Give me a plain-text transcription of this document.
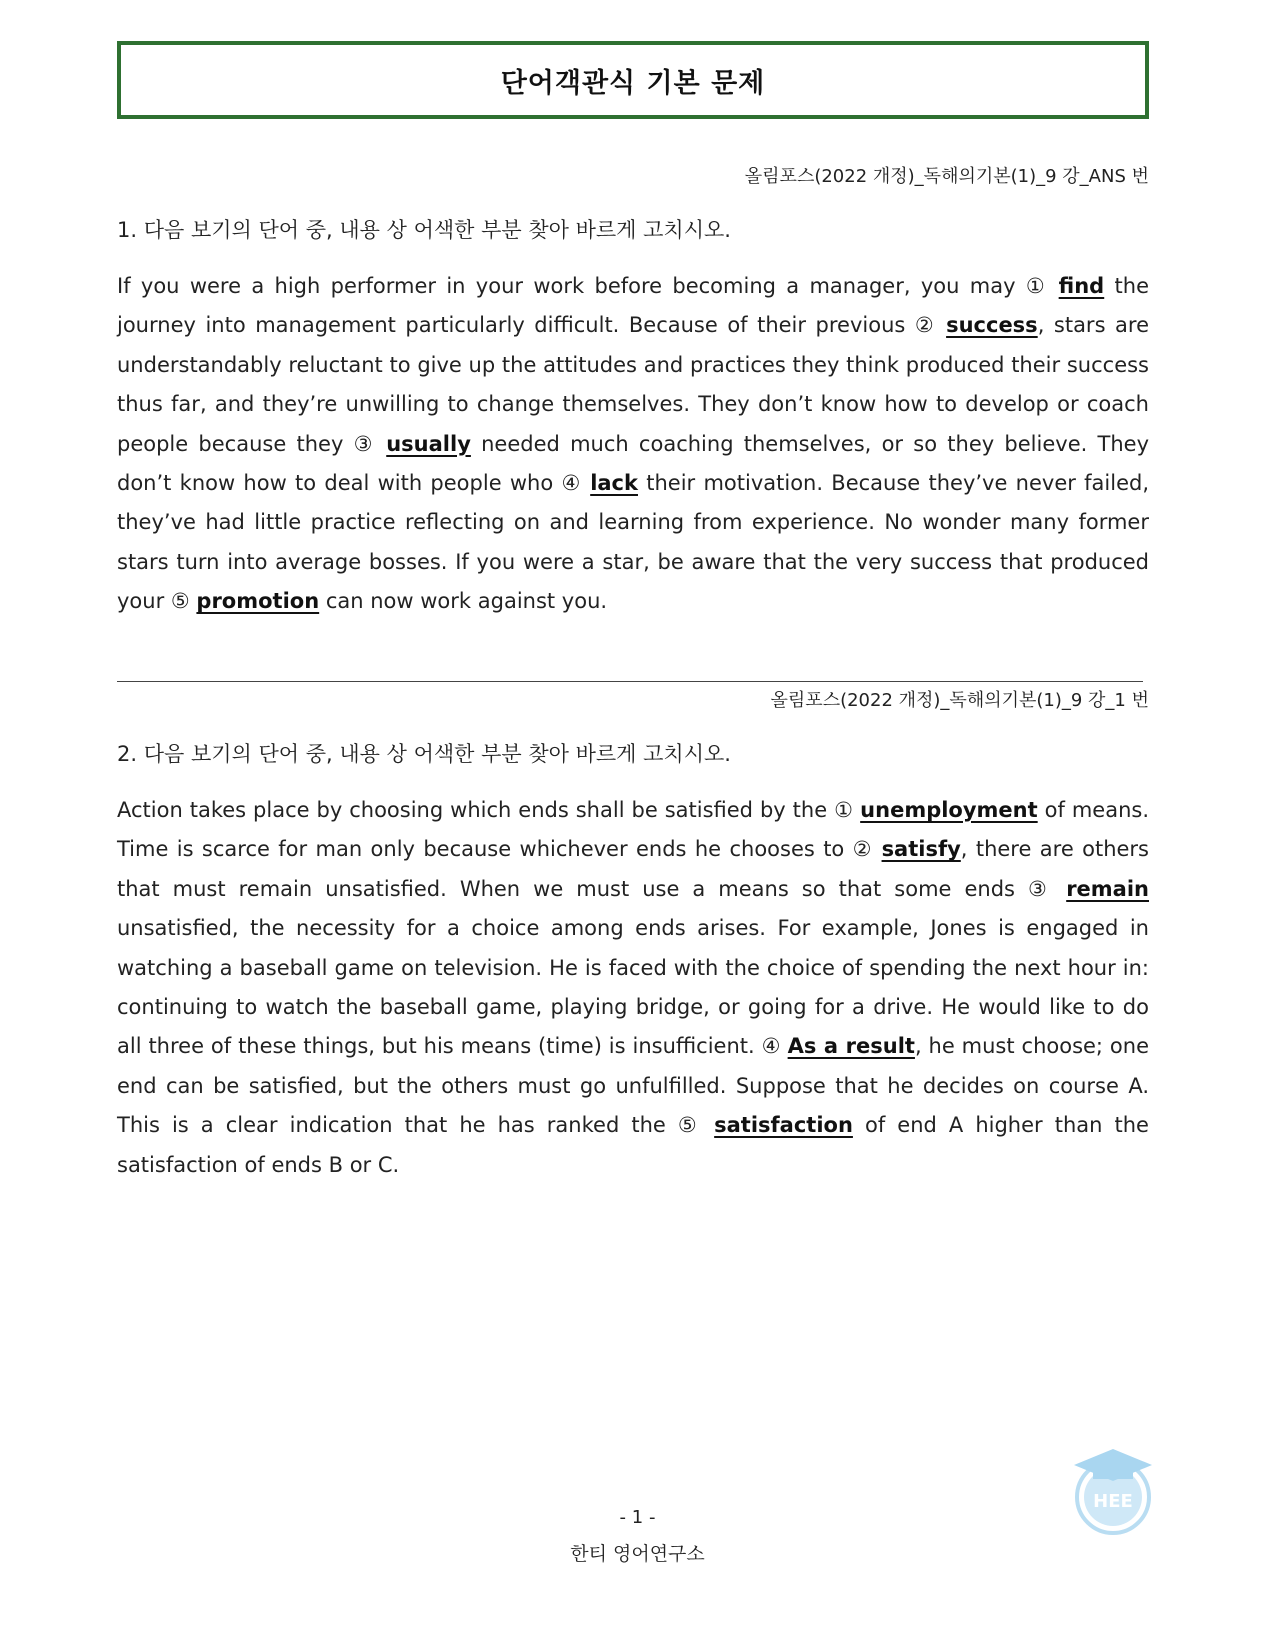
단어객관식 기본 문제
올림포스(2022 개정)_독해의기본(1)_9 강_ANS 번
1. 다음 보기의 단어 중, 내용 상 어색한 부분 찾아 바르게 고치시오.

If you were a high performer in your work before becoming a manager, you may ① find the journey into management particularly difficult. Because of their previous ② success, stars are understandably reluctant to give up the attitudes and practices they think produced their success thus far, and they’re unwilling to change themselves. They don’t know how to develop or coach people because they ③ usually needed much coaching themselves, or so they believe. They don’t know how to deal with people who ④ lack their motivation. Because they’ve never failed, they’ve had little practice reflecting on and learning from experience. No wonder many former stars turn into average bosses. If you were a star, be aware that the very success that produced your ⑤ promotion can now work against you.

올림포스(2022 개정)_독해의기본(1)_9 강_1 번
2. 다음 보기의 단어 중, 내용 상 어색한 부분 찾아 바르게 고치시오.

Action takes place by choosing which ends shall be satisfied by the ① unemployment of means. Time is scarce for man only because whichever ends he chooses to ② satisfy, there are others that must remain unsatisfied. When we must use a means so that some ends ③ remain unsatisfied, the necessity for a choice among ends arises. For example, Jones is engaged in watching a baseball game on television. He is faced with the choice of spending the next hour in: continuing to watch the baseball game, playing bridge, or going for a drive. He would like to do all three of these things, but his means (time) is insufficient. ④ As a result, he must choose; one end can be satisfied, but the others must go unfulfilled. Suppose that he decides on course A. This is a clear indication that he has ranked the ⑤ satisfaction of end A higher than the satisfaction of ends B or C.

- 1 -
한티 영어연구소
HEE
